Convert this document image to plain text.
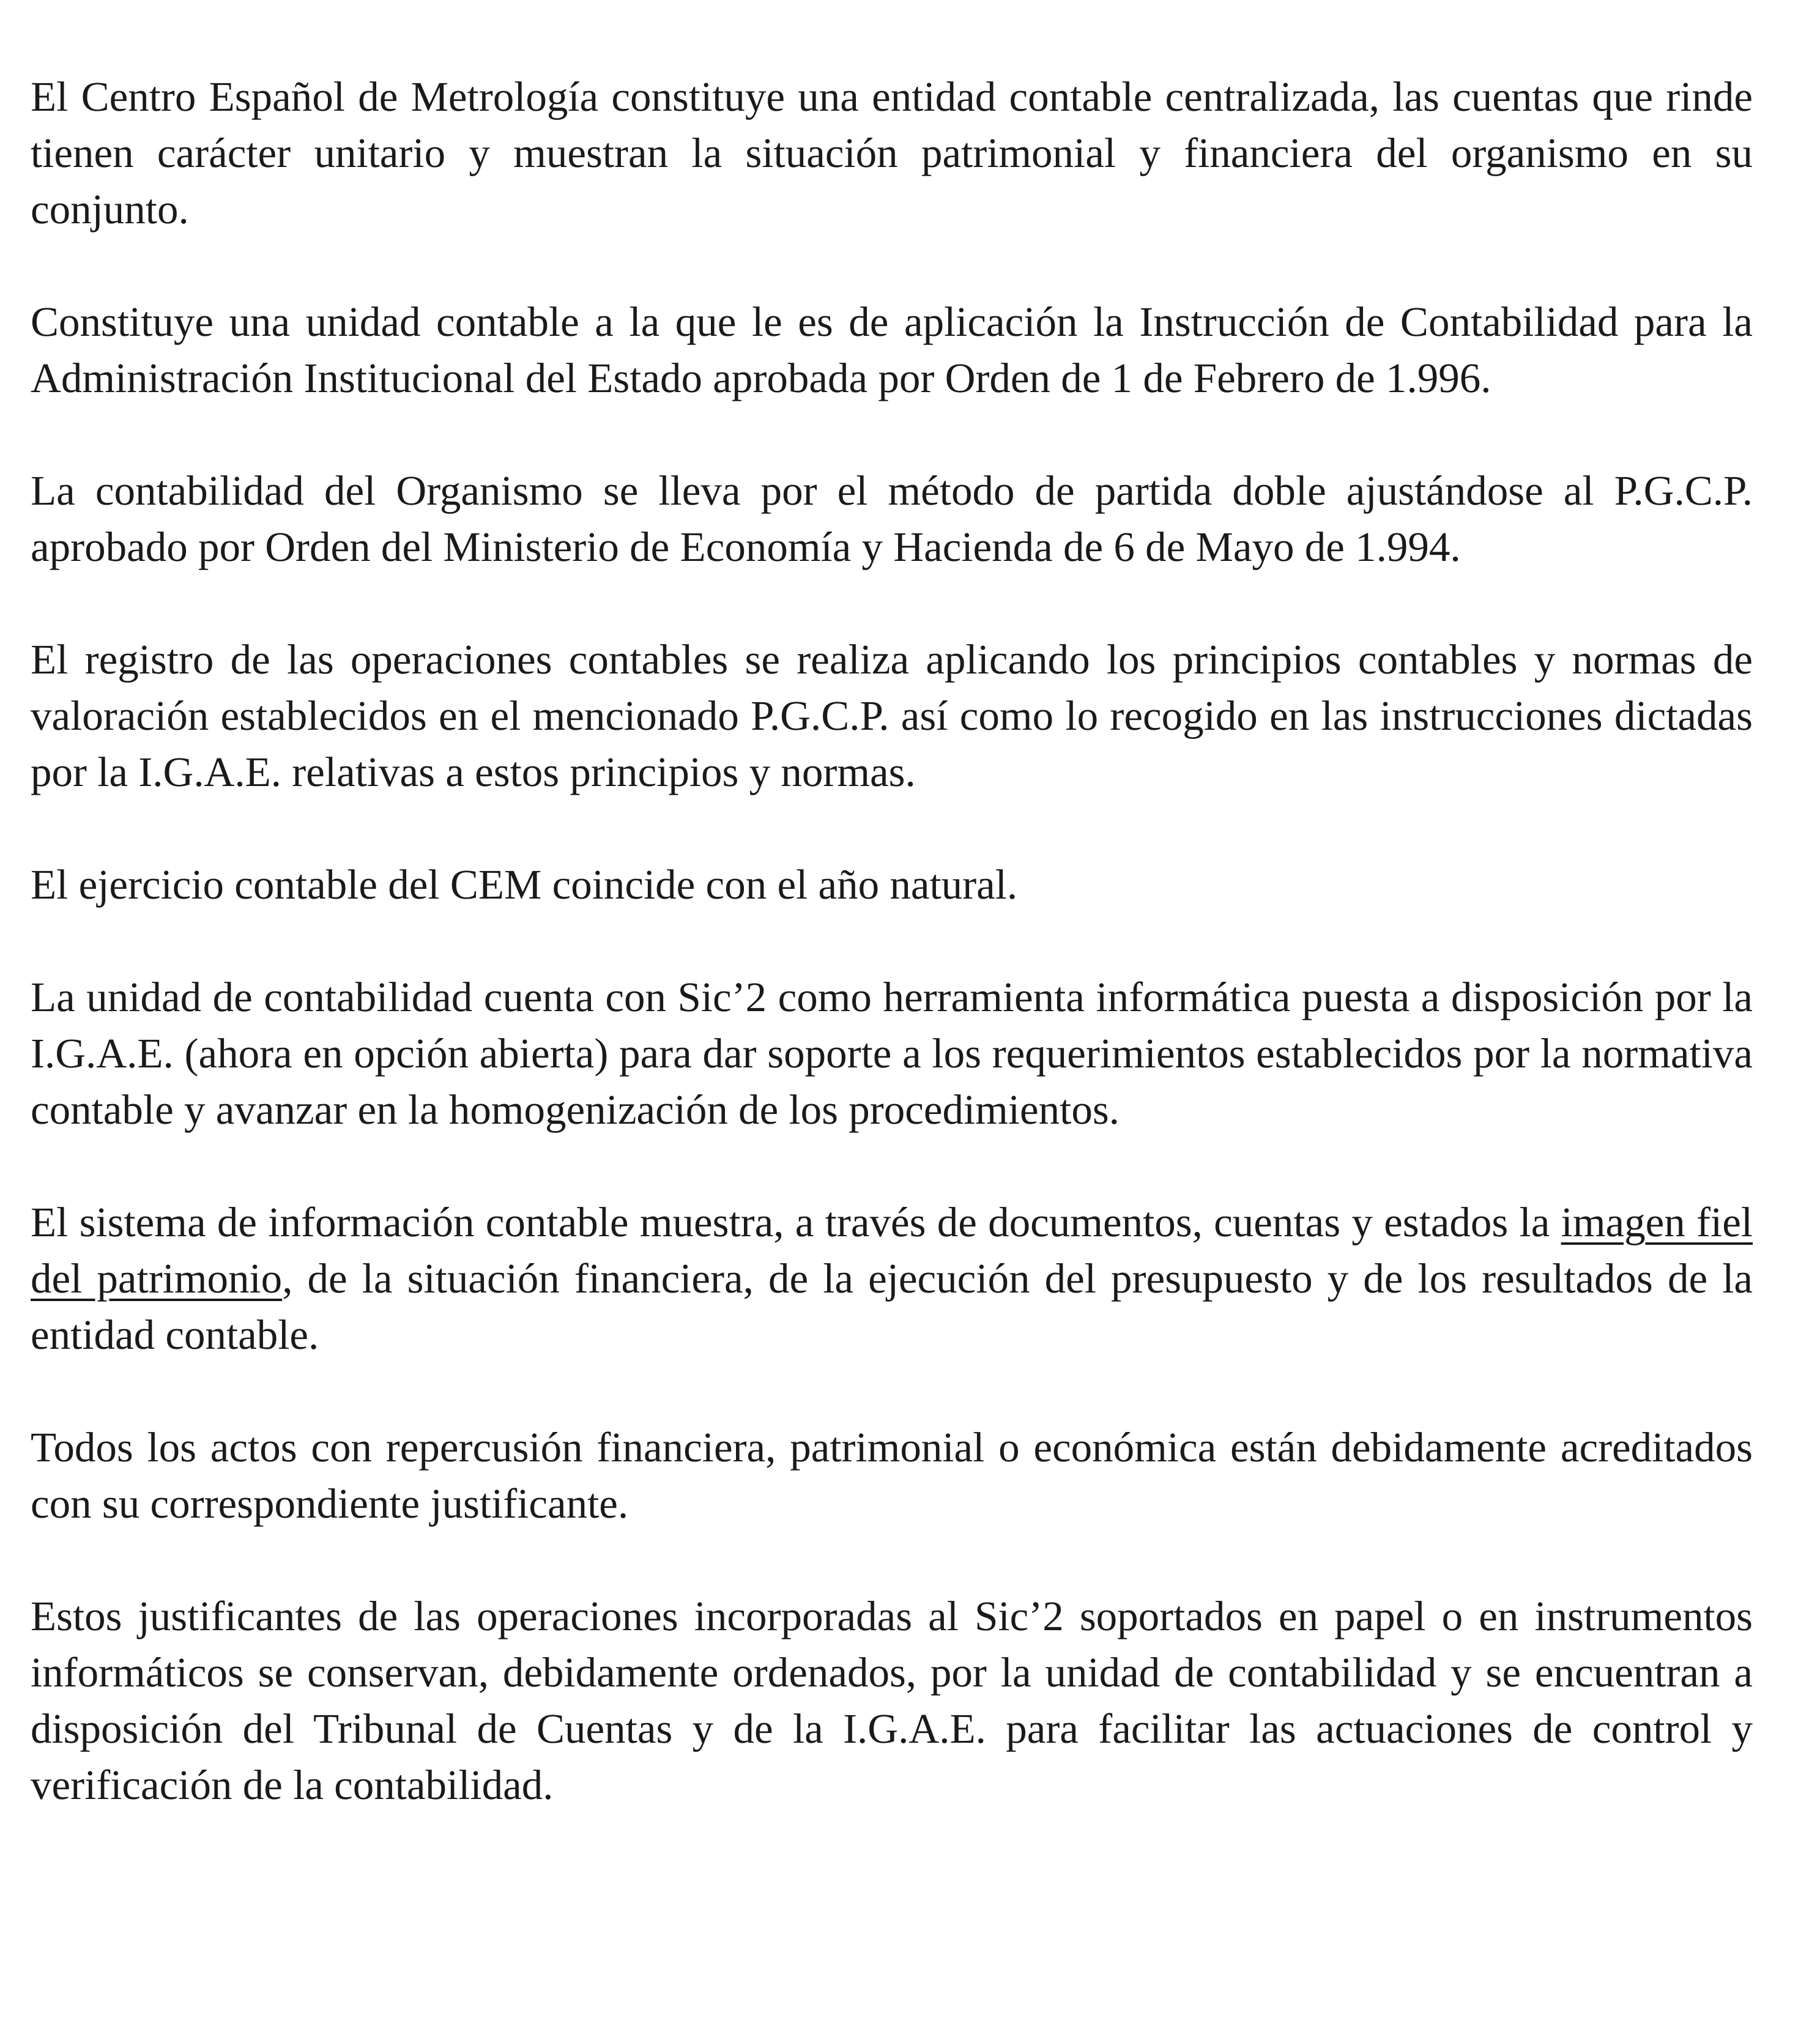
El Centro Español de Metrología constituye una entidad contable centralizada, las cuentas que rinde tienen carácter unitario y muestran la situación patrimonial y financiera del organismo en su conjunto.

Constituye una unidad contable a la que le es de aplicación la Instrucción de Contabilidad para la Administración Institucional del Estado aprobada por Orden de 1 de Febrero de 1.996.

La contabilidad del Organismo se lleva por el método de partida doble ajustándose al P.G.C.P. aprobado por Orden del Ministerio de Economía y Hacienda de 6 de Mayo de 1.994.

El registro de las operaciones contables se realiza aplicando los principios contables y normas de valoración establecidos en el mencionado P.G.C.P. así como lo recogido en las instrucciones dictadas por la I.G.A.E. relativas a estos principios y normas.

El ejercicio contable del CEM coincide con el año natural.

La unidad de contabilidad cuenta con Sic’2 como herramienta informática puesta a disposición por la I.G.A.E. (ahora en opción abierta) para dar soporte a los requerimientos establecidos por la normativa contable y avanzar en la homogenización de los procedimientos.

El sistema de información contable muestra, a través de documentos, cuentas y estados la imagen fiel del patrimonio, de la situación financiera, de la ejecución del presupuesto y de los resultados de la entidad contable.

Todos los actos con repercusión financiera, patrimonial o económica están debidamente acreditados con su correspondiente justificante.

Estos justificantes de las operaciones incorporadas al Sic’2 soportados en papel o en instrumentos informáticos se conservan, debidamente ordenados, por la unidad de contabilidad y se encuentran a disposición del Tribunal de Cuentas y de la I.G.A.E. para facilitar las actuaciones de control y verificación de la contabilidad.
